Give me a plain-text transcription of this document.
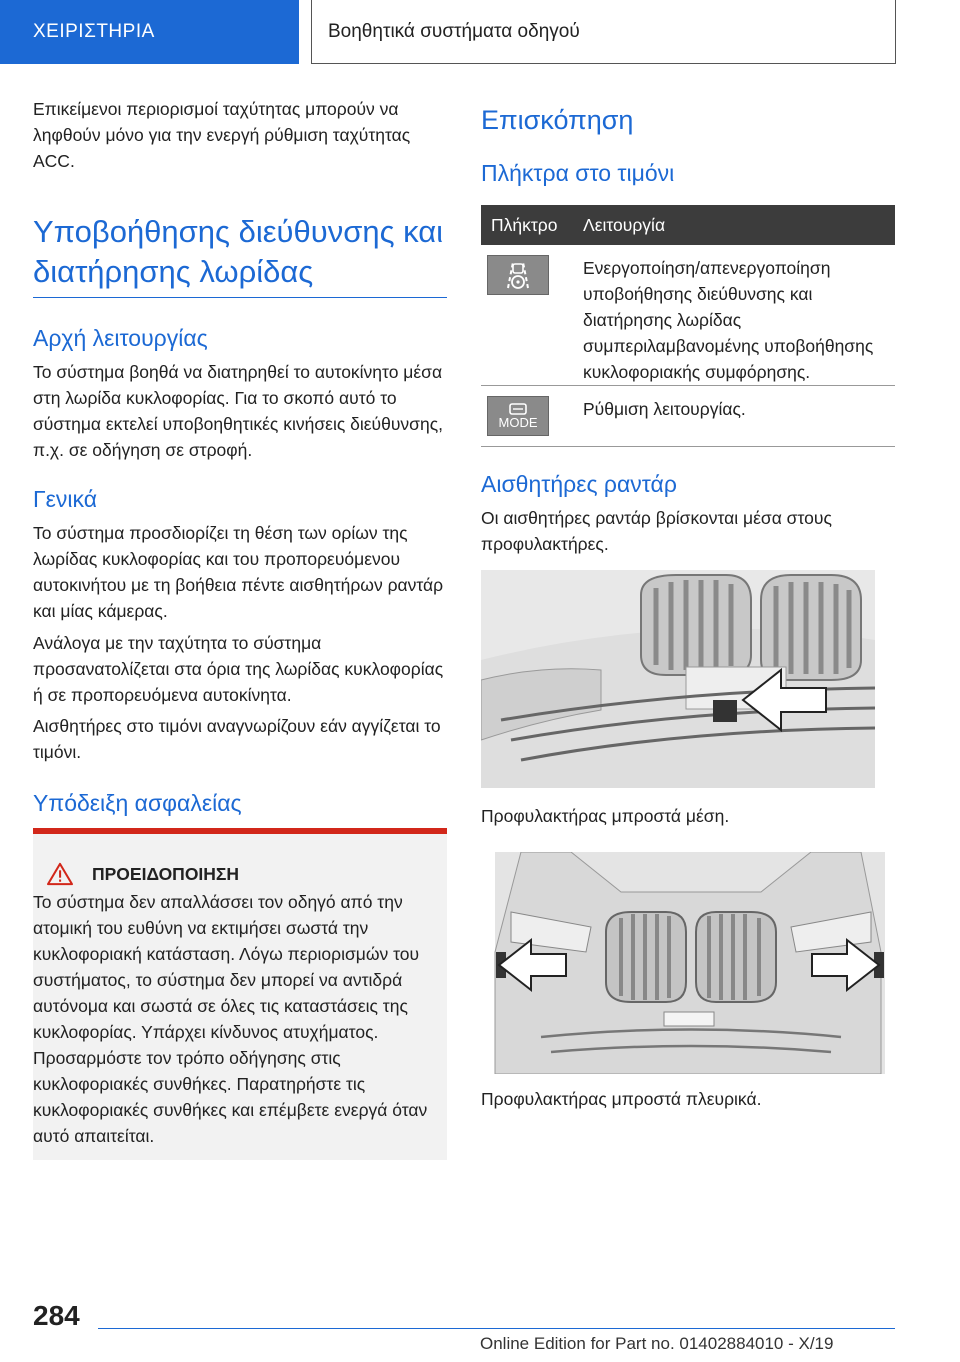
ΧΕΙΡΙΣΤΗΡΙΑ	Βοηθητικά συστήματα οδηγού

Επικείμενοι περιορισμοί ταχύτητας μπορούν να ληφθούν μόνο για την ενεργή ρύθμιση ταχύτητας ACC.

Υποβοήθησης διεύθυνσης και διατήρησης λωρίδας
Αρχή λειτουργίας

Το σύστημα βοηθά να διατηρηθεί το αυτοκίνητο μέσα στη λωρίδα κυκλοφορίας. Για το σκοπό αυτό το σύστημα εκτελεί υποβοηθητικές κινήσεις διεύθυνσης, π.χ. σε οδήγηση σε στροφή.

Γενικά

Το σύστημα προσδιορίζει τη θέση των ορίων της λωρίδας κυκλοφορίας και του προπορευόμενου αυτοκινήτου με τη βοήθεια πέντε αισθητήρων ραντάρ και μίας κάμερας.

Ανάλογα με την ταχύτητα το σύστημα προσανατολίζεται στα όρια της λωρίδας κυκλοφορίας ή σε προπορευόμενα αυτοκίνητα.

Αισθητήρες στο τιμόνι αναγνωρίζουν εάν αγγίζεται το τιμόνι.

Υπόδειξη ασφαλείας
ΠΡΟΕΙΔΟΠΟΙΗΣΗ

Το σύστημα δεν απαλλάσσει τον οδηγό από την ατομική του ευθύνη να εκτιμήσει σωστά την κυκλοφοριακή κατάσταση. Λόγω περιορισμών του συστήματος, το σύστημα δεν μπορεί να αντιδρά αυτόνομα και σωστά σε όλες τις καταστάσεις της κυκλοφορίας. Υπάρχει κίνδυνος ατυχήματος. Προσαρμόστε τον τρόπο οδήγησης στις κυκλοφοριακές συνθήκες. Παρατηρήστε τις κυκλοφοριακές συνθήκες και επέμβετε ενεργά όταν αυτό απαιτείται.

Επισκόπηση
Πλήκτρα στο τιμόνι
Πλήκτρο	Λειτουργία

	Ενεργοποίηση/απενεργοποίηση υποβοήθησης διεύθυνσης και διατήρησης λωρίδας συμπεριλαμβανομένης υποβοήθησης κυκλοφοριακής συμφόρησης.

MODE	Ρύθμιση λειτουργίας.
Αισθητήρες ραντάρ

Οι αισθητήρες ραντάρ βρίσκονται μέσα στους προφυλακτήρες.

Προφυλακτήρας μπροστά μέση.

Προφυλακτήρας μπροστά πλευρικά.

284
Online Edition for Part no. 01402884010 - X/19
